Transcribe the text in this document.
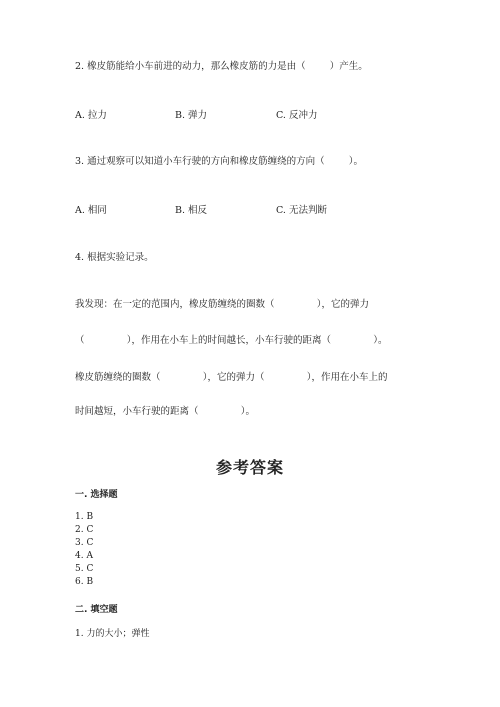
2. 橡皮筋能给小车前进的动力，那么橡皮筋的力是由（        ）产生。

A. 拉力

	B. 弹力

	C. 反冲力

3. 通过观察可以知道小车行驶的方向和橡皮筋缠绕的方向（        ）。

A. 相同

	B. 相反

	C. 无法判断

4. 根据实验记录。
我发现：在一定的范围内，橡皮筋缠绕的圈数（              ），它的弹力
（              ），作用在小车上的时间越长，小车行驶的距离（              ）。
橡皮筋缠绕的圈数（              ），它的弹力（              ），作用在小车上的
时间越短，小车行驶的距离（              ）。
参考答案
一. 选择题
1. B
2. C
3. C
4. A
5. C
6. B
二. 填空题
1. 力的大小；弹性
